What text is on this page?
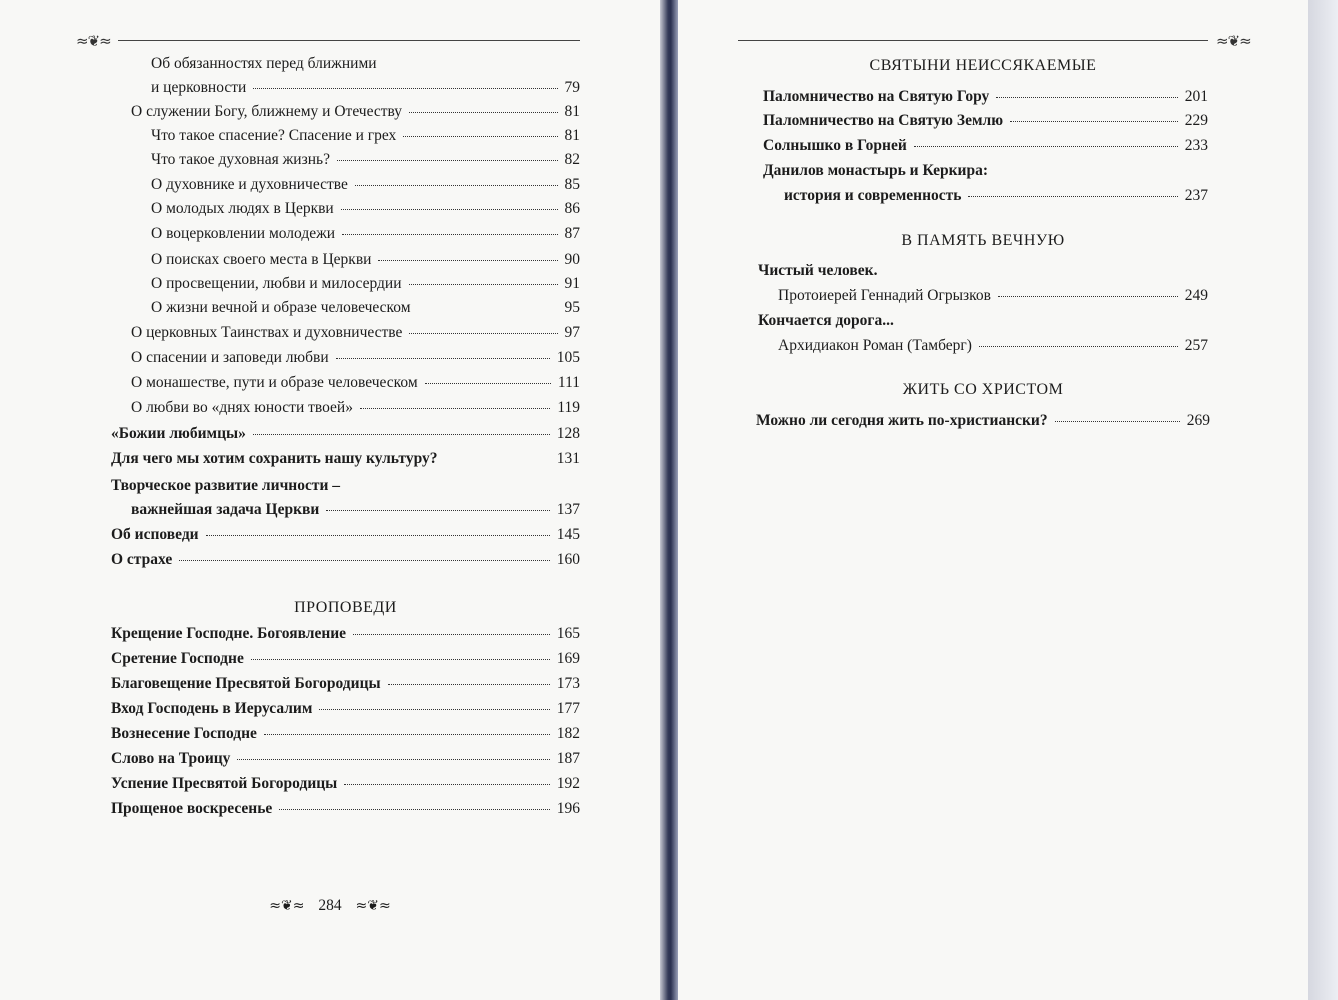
≈❦≈
Об обязанностях перед ближними
и церковности	79
О служении Богу, ближнему и Отечеству	81
Что такое спасение? Спасение и грех	81
Что такое духовная жизнь?	82
О духовнике и духовничестве	85
О молодых людях в Церкви	86
О воцерковлении молодежи	87
О поисках своего места в Церкви	90
О просвещении, любви и милосердии	91
О жизни вечной и образе человеческом	95
О церковных Таинствах и духовничестве	97
О спасении и заповеди любви	105
О монашестве, пути и образе человеческом	111
О любви во «днях юности твоей»	119
«Божии любимцы»	128
Для чего мы хотим сохранить нашу культуру?	131
Творческое развитие личности –
важнейшая задача Церкви	137
Об исповеди	145
О страхе	160
ПРОПОВЕДИ
Крещение Господне. Богоявление	165
Сретение Господне	169
Благовещение Пресвятой Богородицы	173
Вход Господень в Иерусалим	177
Вознесение Господне	182
Слово на Троицу	187
Успение Пресвятой Богородицы	192
Прощеное воскресенье	196
≈❦≈ 284 ≈❦≈
≈❦≈
СВЯТЫНИ НЕИССЯКАЕМЫЕ
Паломничество на Святую Гору	201
Паломничество на Святую Землю	229
Солнышко в Горней	233
Данилов монастырь и Керкира:
история и современность	237
В ПАМЯТЬ ВЕЧНУЮ
Чистый человек.
Протоиерей Геннадий Огрызков	249
Кончается дорога...
Архидиакон Роман (Тамберг)	257
ЖИТЬ СО ХРИСТОМ
Можно ли сегодня жить по-христиански?	269
